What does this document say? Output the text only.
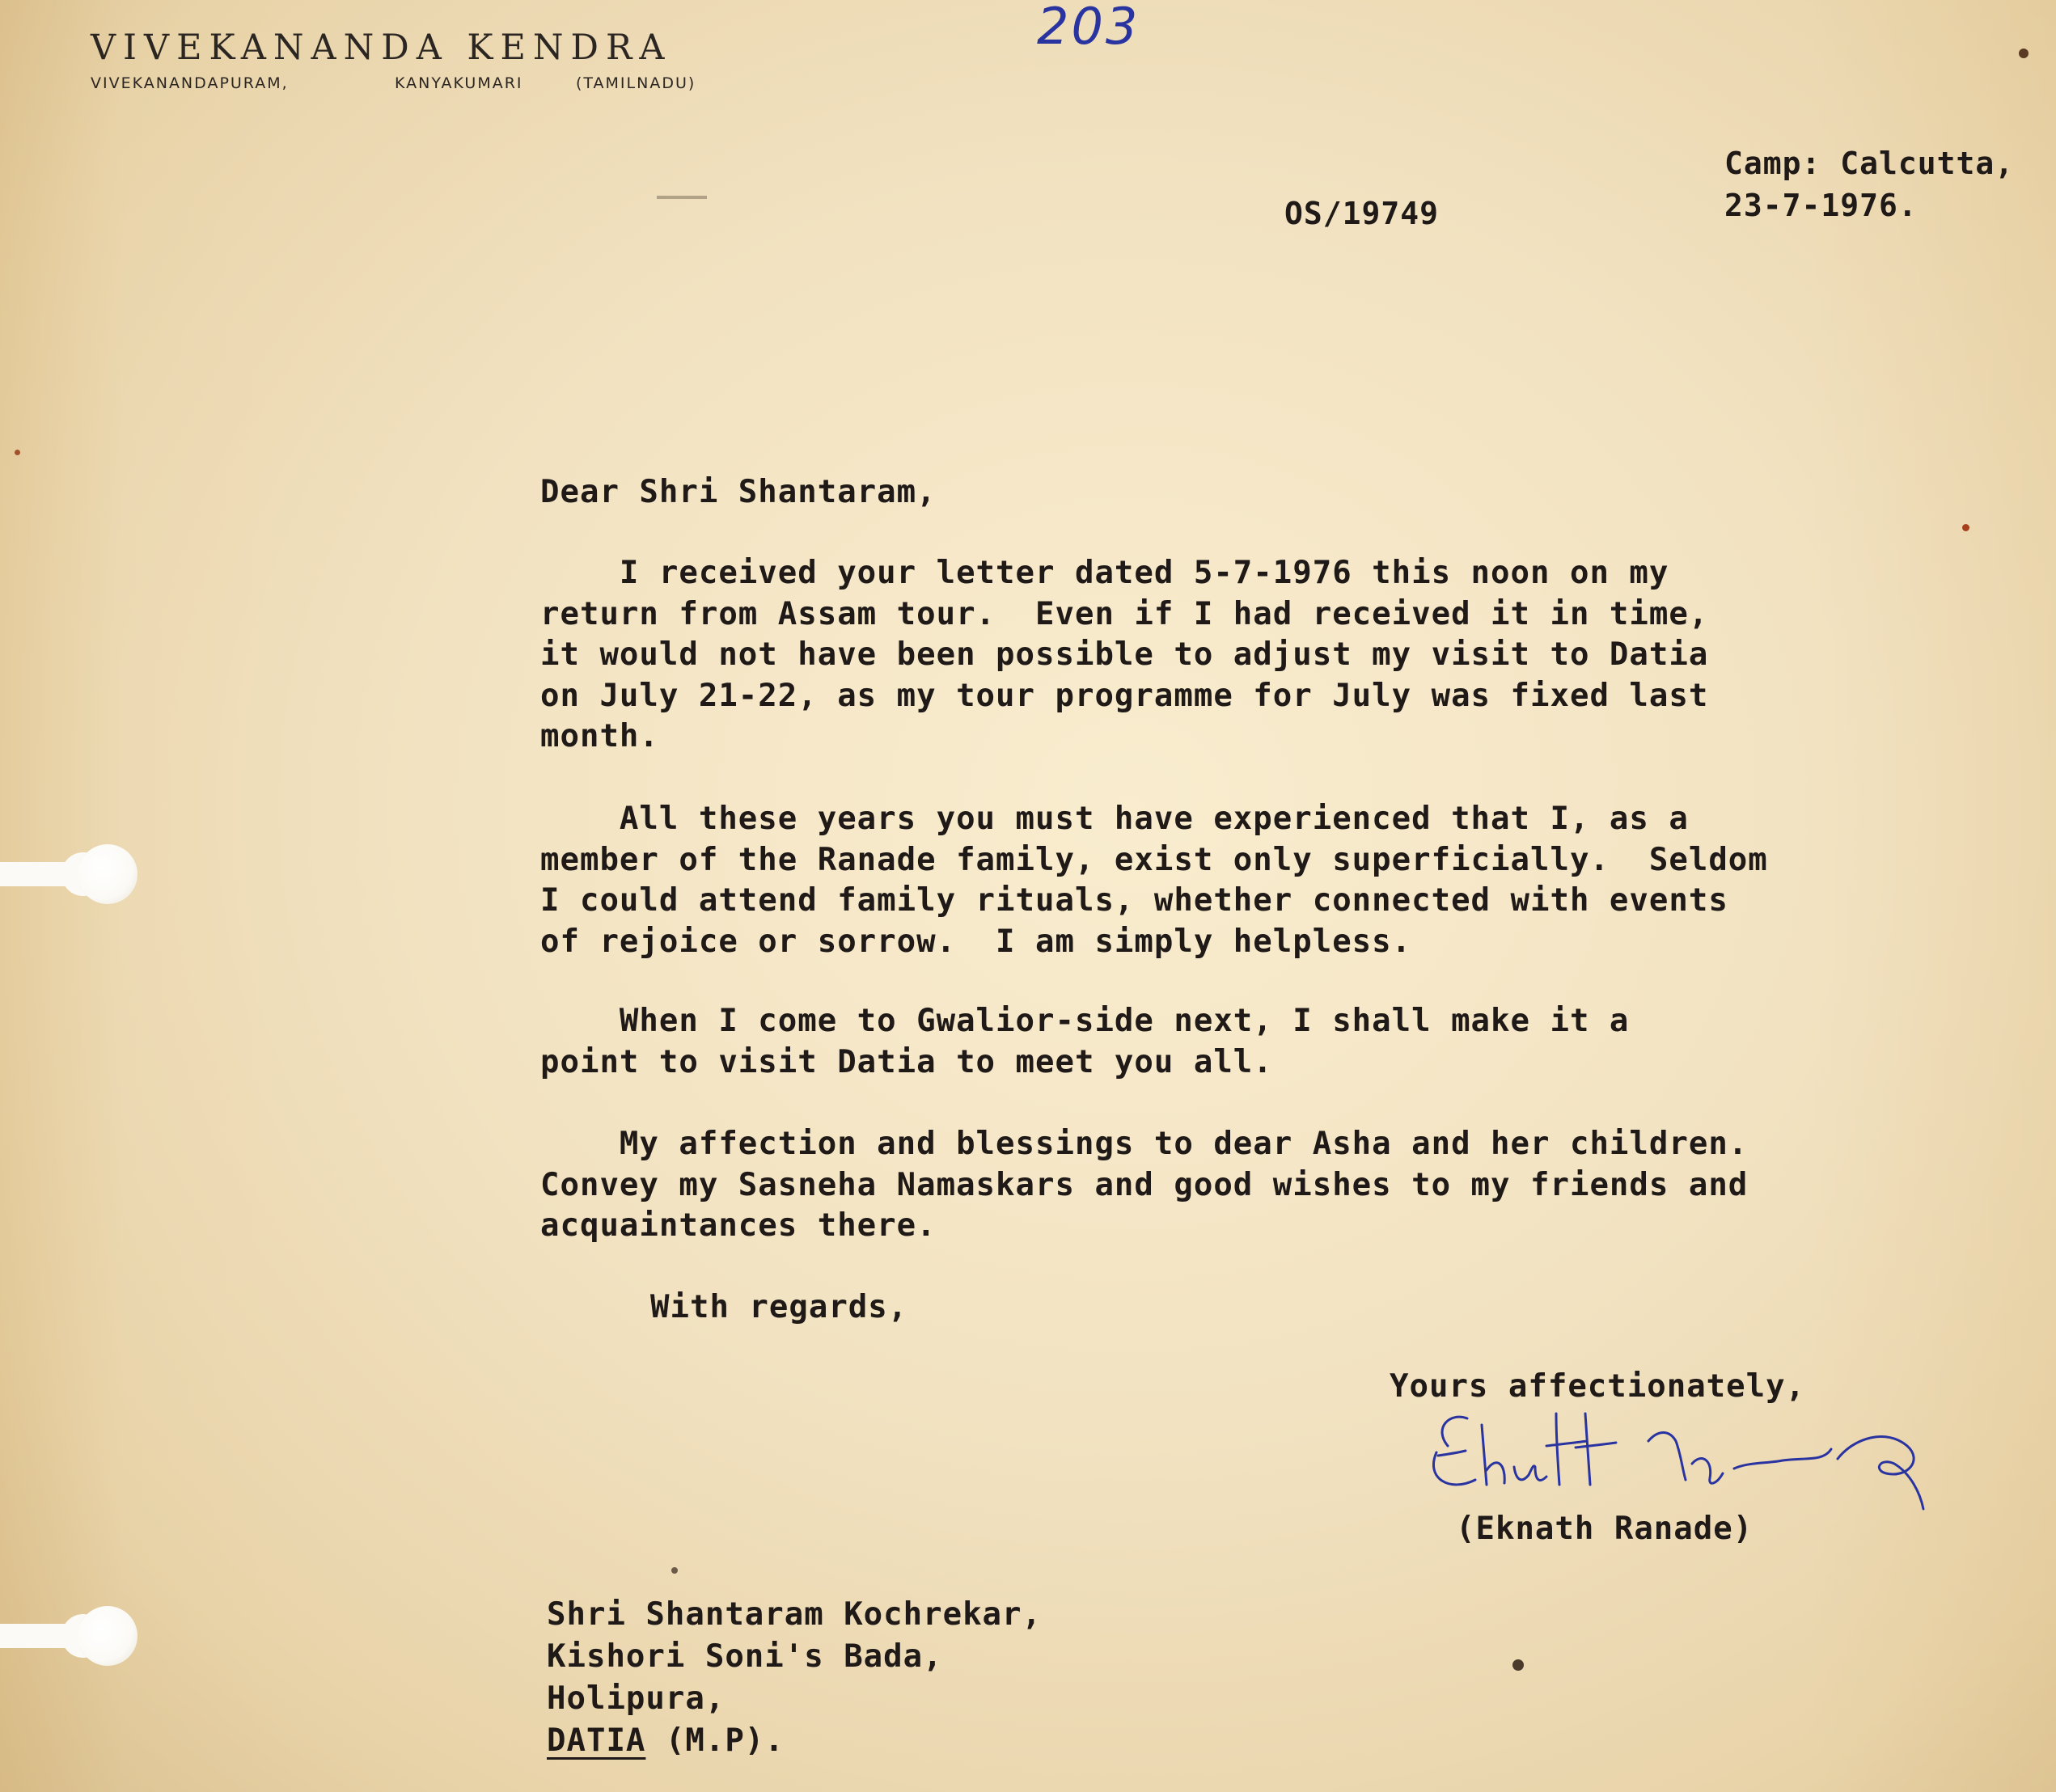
VIVEKANANDA KENDRA
VIVEKANANDAPURAM,	KANYAKUMARI	(TAMILNADU)
203
OS/19749
Camp: Calcutta,
23-7-1976.
Dear Shri Shantaram,
I received your letter dated 5-7-1976 this noon on my
return from Assam tour.  Even if I had received it in time,
it would not have been possible to adjust my visit to Datia
on July 21-22, as my tour programme for July was fixed last
month.
All these years you must have experienced that I, as a
member of the Ranade family, exist only superficially.  Seldom
I could attend family rituals, whether connected with events
of rejoice or sorrow.  I am simply helpless.
When I come to Gwalior-side next, I shall make it a
point to visit Datia to meet you all.
My affection and blessings to dear Asha and her children.
Convey my Sasneha Namaskars and good wishes to my friends and
acquaintances there.
With regards,
Yours affectionately,
(Eknath Ranade)
Shri Shantaram Kochrekar,
Kishori Soni's Bada,
Holipura,
DATIA (M.P).
